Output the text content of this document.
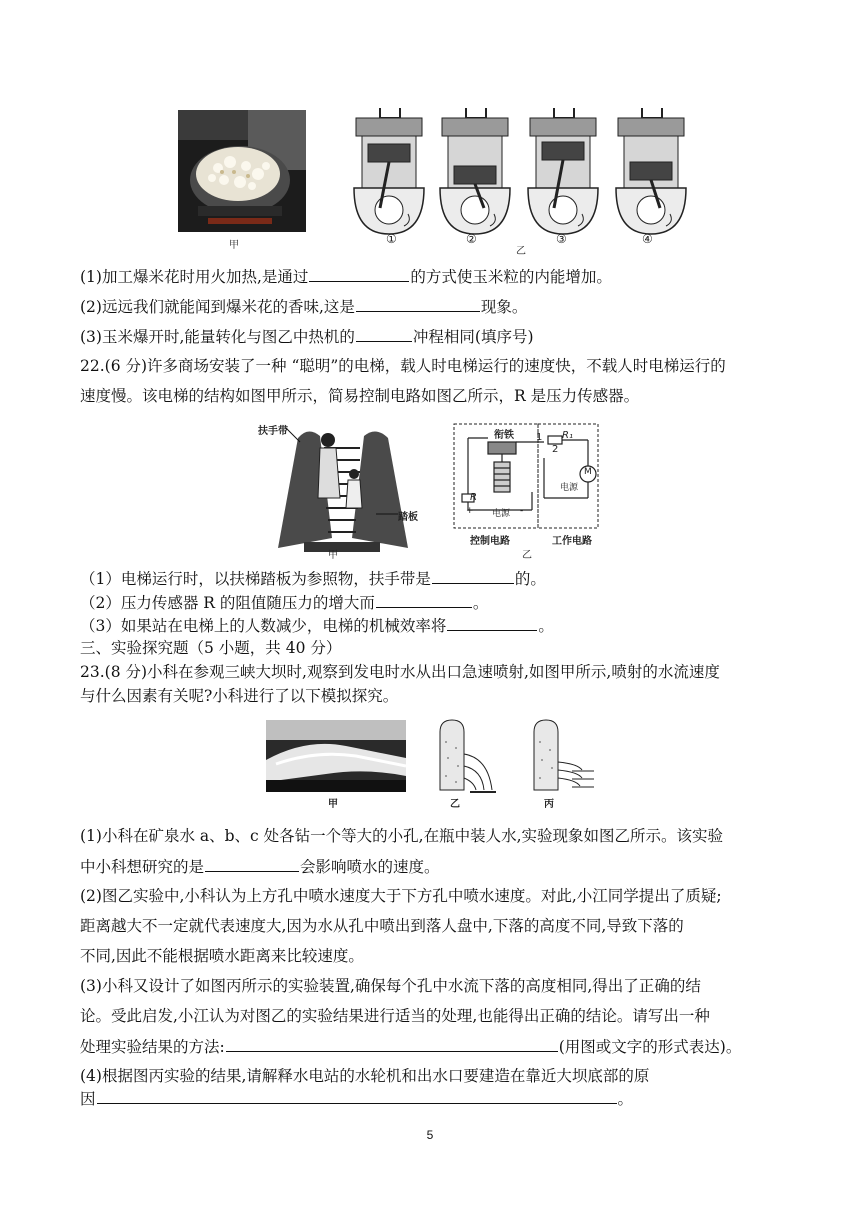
甲	①	②	③	④
乙
(1)加工爆米花时用火加热,是通过	的方式使玉米粒的内能增加。
(2)远远我们就能闻到爆米花的香味,这是	现象。
(3)玉米爆开时,能量转化与图乙中热机的	冲程相同(填序号)
22.(6 分)许多商场安装了一种 “聪明”的电梯，载人时电梯运行的速度快，不载人时电梯运行的
速度慢。该电梯的结构如图甲所示，简易控制电路如图乙所示，R 是压力传感器。
扶手带
踏板
甲
衔铁	R₁
1
2
M
电源
R
+ 电源 -
控制电路	工作电路
乙
（1）电梯运行时，以扶梯踏板为参照物，扶手带是	的。
（2）压力传感器 R 的阻值随压力的增大而	。
（3）如果站在电梯上的人数减少，电梯的机械效率将	。
三、实验探究题（5 小题，共 40 分）
23.(8 分)小科在参观三峡大坝时,观察到发电时水从出口急速喷射,如图甲所示,喷射的水流速度
与什么因素有关呢?小科进行了以下模拟探究。
甲	乙	丙
(1)小科在矿泉水 a、b、c 处各钻一个等大的小孔,在瓶中装人水,实验现象如图乙所示。该实验
中小科想研究的是	会影响喷水的速度。
(2)图乙实验中,小科认为上方孔中喷水速度大于下方孔中喷水速度。对此,小江同学提出了质疑;
距离越大不一定就代表速度大,因为水从孔中喷出到落人盘中,下落的高度不同,导致下落的
不同,因此不能根据喷水距离来比较速度。
(3)小科又设计了如图丙所示的实验装置,确保每个孔中水流下落的高度相同,得出了正确的结
论。受此启发,小江认为对图乙的实验结果进行适当的处理,也能得出正确的结论。请写出一种
处理实验结果的方法:	(用图或文字的形式表达)。
(4)根据图丙实验的结果,请解释水电站的水轮机和出水口要建造在靠近大坝底部的原
因	。
5
